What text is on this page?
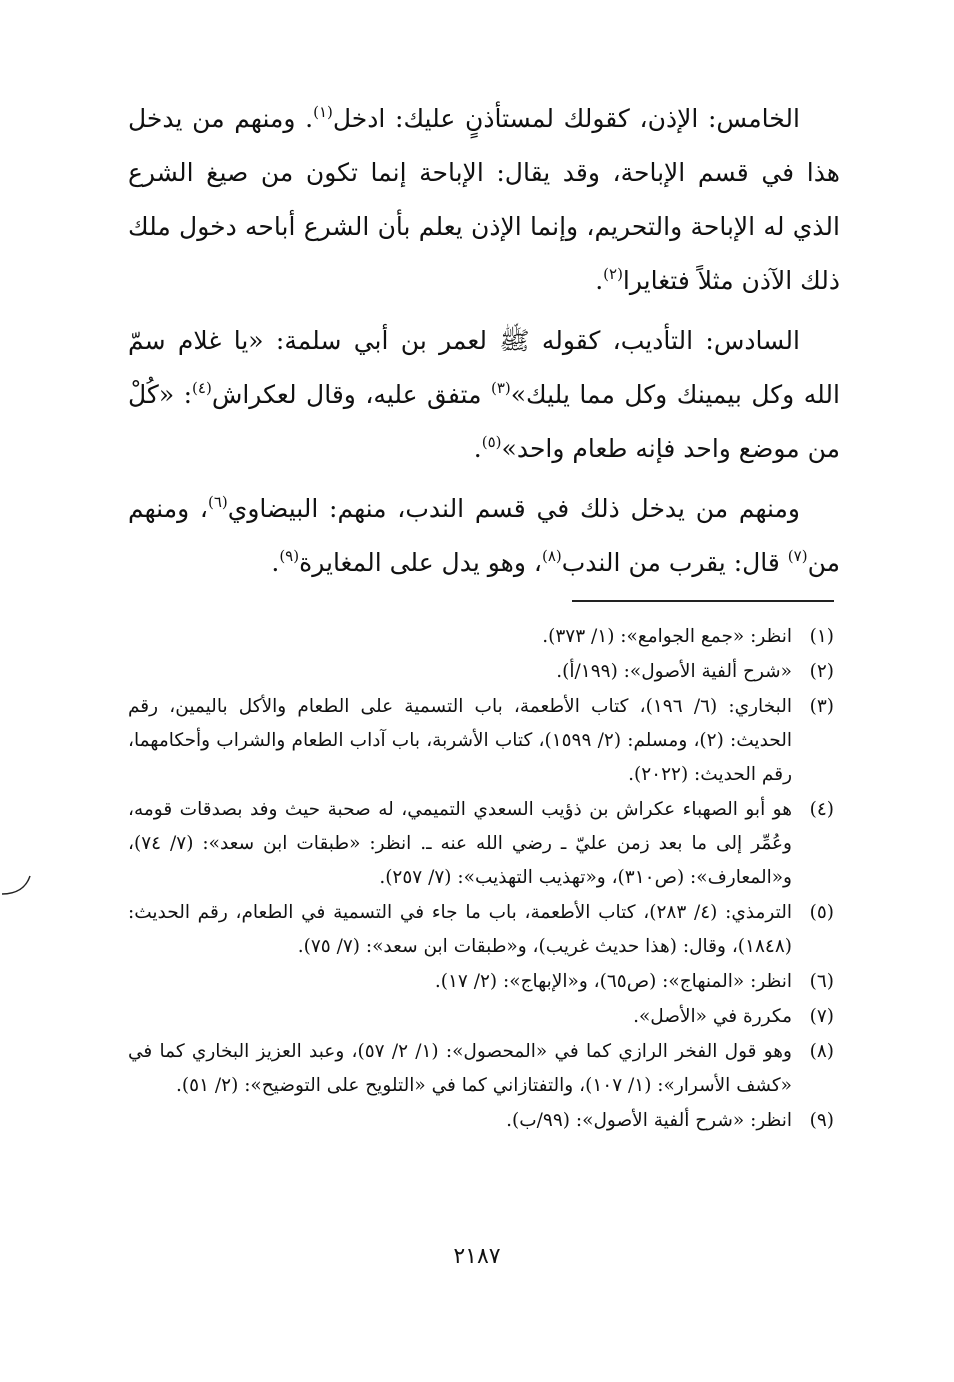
الخامس: الإذن، كقولك لمستأذنٍ عليك: ادخل$^{(١)}$. ومنهم من يدخل هذا في قسم الإباحة، وقد يقال: الإباحة إنما تكون من صيغ الشرع الذي له الإباحة والتحريم، وإنما الإذن يعلم بأن الشرع أباحه دخول ملك ذلك الآذن مثلاً فتغايرا$^{(٢)}$.

السادس: التأديب، كقوله ﷺ لعمر بن أبي سلمة: «يا غلام سمّ الله وكل بيمينك وكل مما يليك»$^{(٣)}$ متفق عليه، وقال لعكراش$^{(٤)}$: «كُلْ من موضع واحد فإنه طعام واحد»$^{(٥)}$.

ومنهم من يدخل ذلك في قسم الندب، منهم: البيضاوي$^{(٦)}$، ومنهم من$^{(٧)}$ قال: يقرب من الندب$^{(٨)}$، وهو يدل على المغايرة$^{(٩)}$.

(١)
انظر: «جمع الجوامع»: (١/ ٣٧٣).
(٢)
«شرح ألفية الأصول»: (١٩٩/أ).
(٣)
البخاري: (٦/ ١٩٦)، كتاب الأطعمة، باب التسمية على الطعام والأكل باليمين، رقم الحديث: (٢)، ومسلم: (٢/ ١٥٩٩)، كتاب الأشربة، باب آداب الطعام والشراب وأحكامهما، رقم الحديث: (٢٠٢٢).
(٤)
هو أبو الصهباء عكراش بن ذؤيب السعدي التميمي، له صحبة حيث وفد بصدقات قومه، وعُمِّر إلى ما بعد زمن عليّ ـ رضي الله عنه ـ. انظر: «طبقات ابن سعد»: (٧/ ٧٤)، و«المعارف»: (ص٣١٠)، و«تهذيب التهذيب»: (٧/ ٢٥٧).
(٥)
الترمذي: (٤/ ٢٨٣)، كتاب الأطعمة، باب ما جاء في التسمية في الطعام، رقم الحديث: (١٨٤٨)، وقال: (هذا حديث غريب)، و«طبقات ابن سعد»: (٧/ ٧٥).
(٦)
انظر: «المنهاج»: (ص٦٥)، و«الإبهاج»: (٢/ ١٧).
(٧)
مكررة في «الأصل».
(٨)
وهو قول الفخر الرازي كما في «المحصول»: (١/ ٢/ ٥٧)، وعبد العزيز البخاري كما في «كشف الأسرار»: (١/ ١٠٧)، والتفتازاني كما في «التلويح على التوضيح»: (٢/ ٥١).
(٩)
انظر: «شرح ألفية الأصول»: (٩٩/ب).
٢١٨٧
